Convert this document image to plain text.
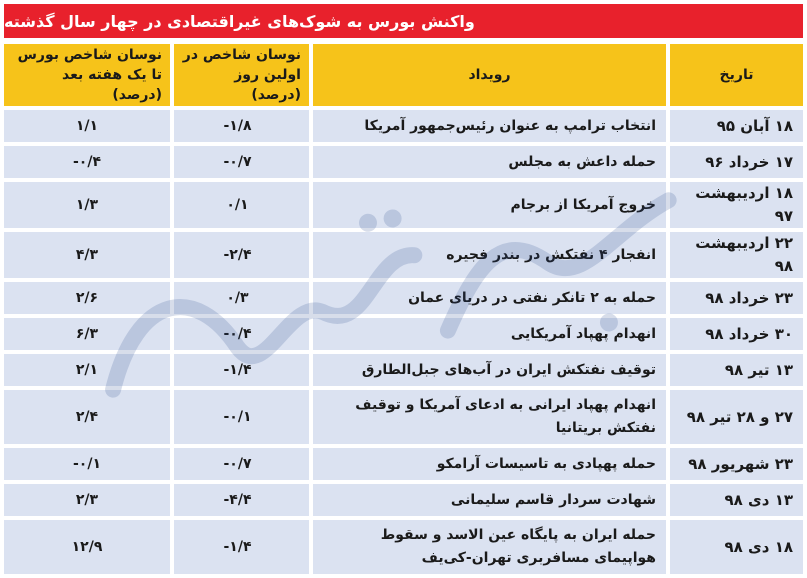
واکنش بورس به شوک‌های غیراقتصادی در چهار سال گذشته
تاریخ	رویداد	نوسان شاخص در اولین روز (درصد)	نوسان شاخص بورس تا یک هفته بعد (درصد)
۱۸ آبان ۹۵	انتخاب ترامپ به عنوان رئیس‌جمهور آمریکا	-۱/۸	۱/۱
۱۷ خرداد ۹۶	حمله داعش به مجلس	-۰/۷	-۰/۴
۱۸ اردیبهشت ۹۷	خروج آمریکا از برجام	۰/۱	۱/۳
۲۲ اردیبهشت ۹۸	انفجار ۴ نفتکش در بندر فجیره	-۲/۴	۴/۳
۲۳ خرداد ۹۸	حمله به ۲ تانکر نفتی در دریای عمان	۰/۳	۲/۶
۳۰ خرداد ۹۸	انهدام پهپاد آمریکایی	-۰/۴	۶/۳
۱۳ تیر ۹۸	توقیف نفتکش ایران در آب‌های جبل‌الطارق	-۱/۴	۲/۱
۲۷ و ۲۸ تیر ۹۸	انهدام پهپاد ایرانی به ادعای آمریکا و توقیف نفتکش بریتانیا	-۰/۱	۲/۴
۲۳ شهریور ۹۸	حمله پهپادی به تاسیسات آرامکو	-۰/۷	-۰/۱
۱۳ دی ۹۸	شهادت سردار قاسم سلیمانی	-۴/۴	۲/۳
۱۸ دی ۹۸	حمله ایران به پایگاه عین الاسد و سقوط هواپیمای مسافربری تهران-کی‌یف	-۱/۴	۱۲/۹
